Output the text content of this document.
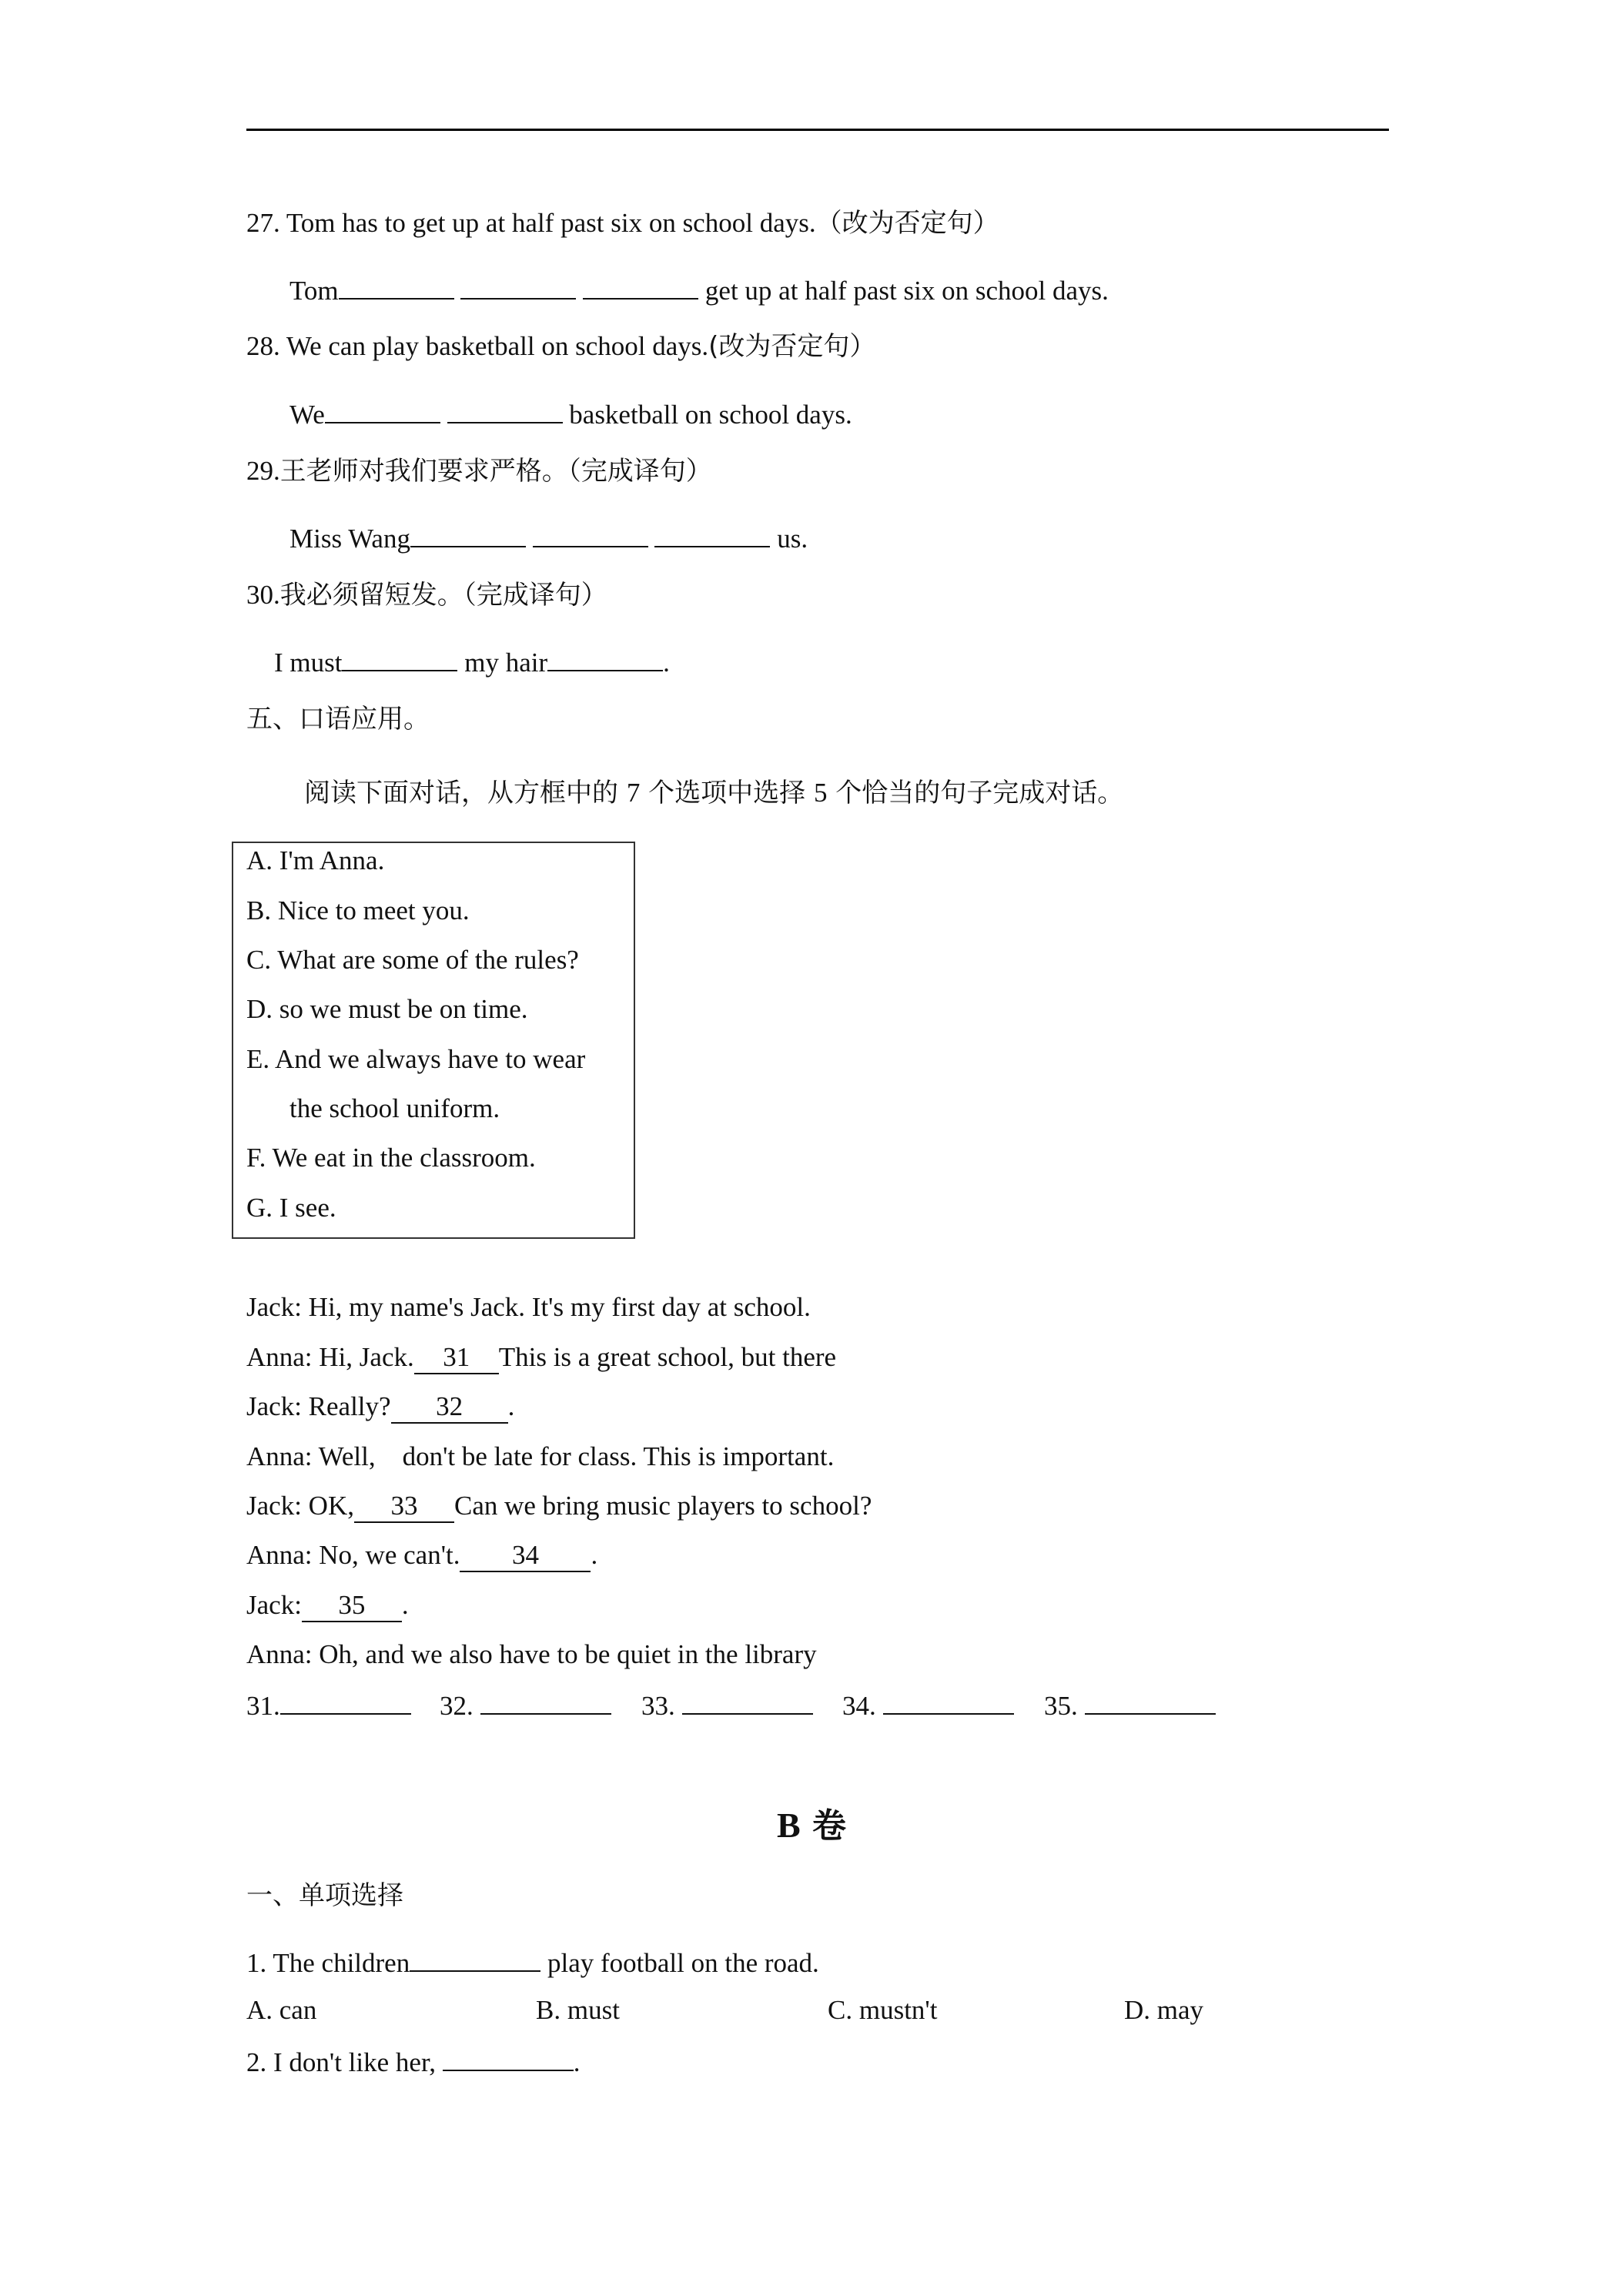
27. Tom has to get up at half past six on school days.（改为否定句）
Tom	get up at half past six on school days.
28. We can play basketball on school days.(改为否定句）
We	basketball on school days.
29.王老师对我们要求严格。（完成译句）
Miss Wang	us.
30.我必须留短发。（完成译句）
I must	my hair	.
五、口语应用。
阅读下面对话，从方框中的 7 个选项中选择 5 个恰当的句子完成对话。
A. I'm Anna.
B. Nice to meet you.
C. What are some of the rules?
D. so we must be on time.
E. And we always have to wear
the school uniform.
F. We eat in the classroom.
G. I see.
Jack: Hi, my name's Jack. It's my first day at school.
Anna: Hi, Jack. 31 This is a great school, but there
Jack: Really? 32 .
Anna: Well,    don't be late for class. This is important.
Jack: OK, 33 Can we bring music players to school?
Anna: No, we can't. 34 .
Jack: 35 .
Anna: Oh, and we also have to be quiet in the library
31.	32.	33.	34.	35.
B 卷
一、单项选择
1. The children	play football on the road.
A. can	B. must	C. mustn't	D. may
2. I don't like her,	.
